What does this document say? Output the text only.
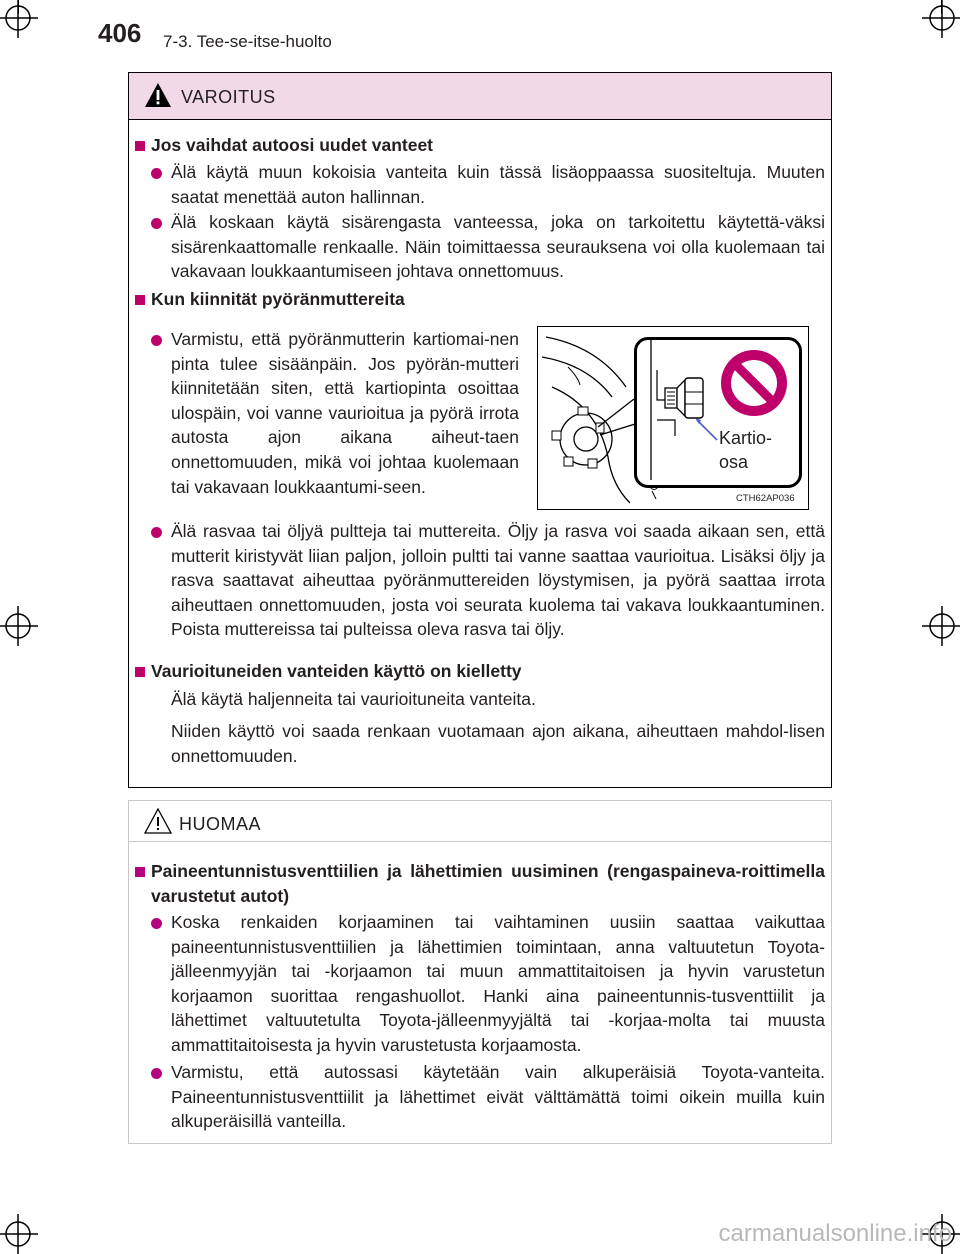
406 7-3. Tee-se-itse-huolto
VAROITUS
Jos vaihdat autoosi uudet vanteet
Älä käytä muun kokoisia vanteita kuin tässä lisäoppaassa suositeltuja. Muuten saatat menettää auton hallinnan.
Älä koskaan käytä sisärengasta vanteessa, joka on tarkoitettu käytettä-väksi sisärenkaattomalle renkaalle. Näin toimittaessa seurauksena voi olla kuolemaan tai vakavaan loukkaantumiseen johtava onnettomuus.
Kun kiinnität pyöränmuttereita
Varmistu, että pyöränmutterin kartiomai-nen pinta tulee sisäänpäin. Jos pyörän-mutteri kiinnitetään siten, että kartiopinta osoittaa ulospäin, voi vanne vaurioitua ja pyörä irrota autosta ajon aikana aiheut-taen onnettomuuden, mikä voi johtaa kuolemaan tai vakavaan loukkaantumi-seen.
Älä rasvaa tai öljyä pultteja tai muttereita. Öljy ja rasva voi saada aikaan sen, että mutterit kiristyvät liian paljon, jolloin pultti tai vanne saattaa vaurioitua. Lisäksi öljy ja rasva saattavat aiheuttaa pyöränmuttereiden löystymisen, ja pyörä saattaa irrota aiheuttaen onnettomuuden, josta voi seurata kuolema tai vakava loukkaantuminen. Poista muttereissa tai pulteissa oleva rasva tai öljy.
Vaurioituneiden vanteiden käyttö on kielletty
Älä käytä haljenneita tai vaurioituneita vanteita.
Niiden käyttö voi saada renkaan vuotamaan ajon aikana, aiheuttaen mahdol-lisen onnettomuuden.
Kartio-
osa
CTH62AP036
HUOMAA
Paineentunnistusventtiilien ja lähettimien uusiminen (rengaspaineva-roittimella varustetut autot)
Koska renkaiden korjaaminen tai vaihtaminen uusiin saattaa vaikuttaa paineentunnistusventtiilien ja lähettimien toimintaan, anna valtuutetun Toyota-jälleenmyyjän tai -korjaamon tai muun ammattitaitoisen ja hyvin varustetun korjaamon suorittaa rengashuollot. Hanki aina paineentunnis-tusventtiilit ja lähettimet valtuutetulta Toyota-jälleenmyyjältä tai -korjaa-molta tai muusta ammattitaitoisesta ja hyvin varustetusta korjaamosta.
Varmistu, että autossasi käytetään vain alkuperäisiä Toyota-vanteita. Paineentunnistusventtiilit ja lähettimet eivät välttämättä toimi oikein muilla kuin alkuperäisillä vanteilla.
carmanualsonline.info
